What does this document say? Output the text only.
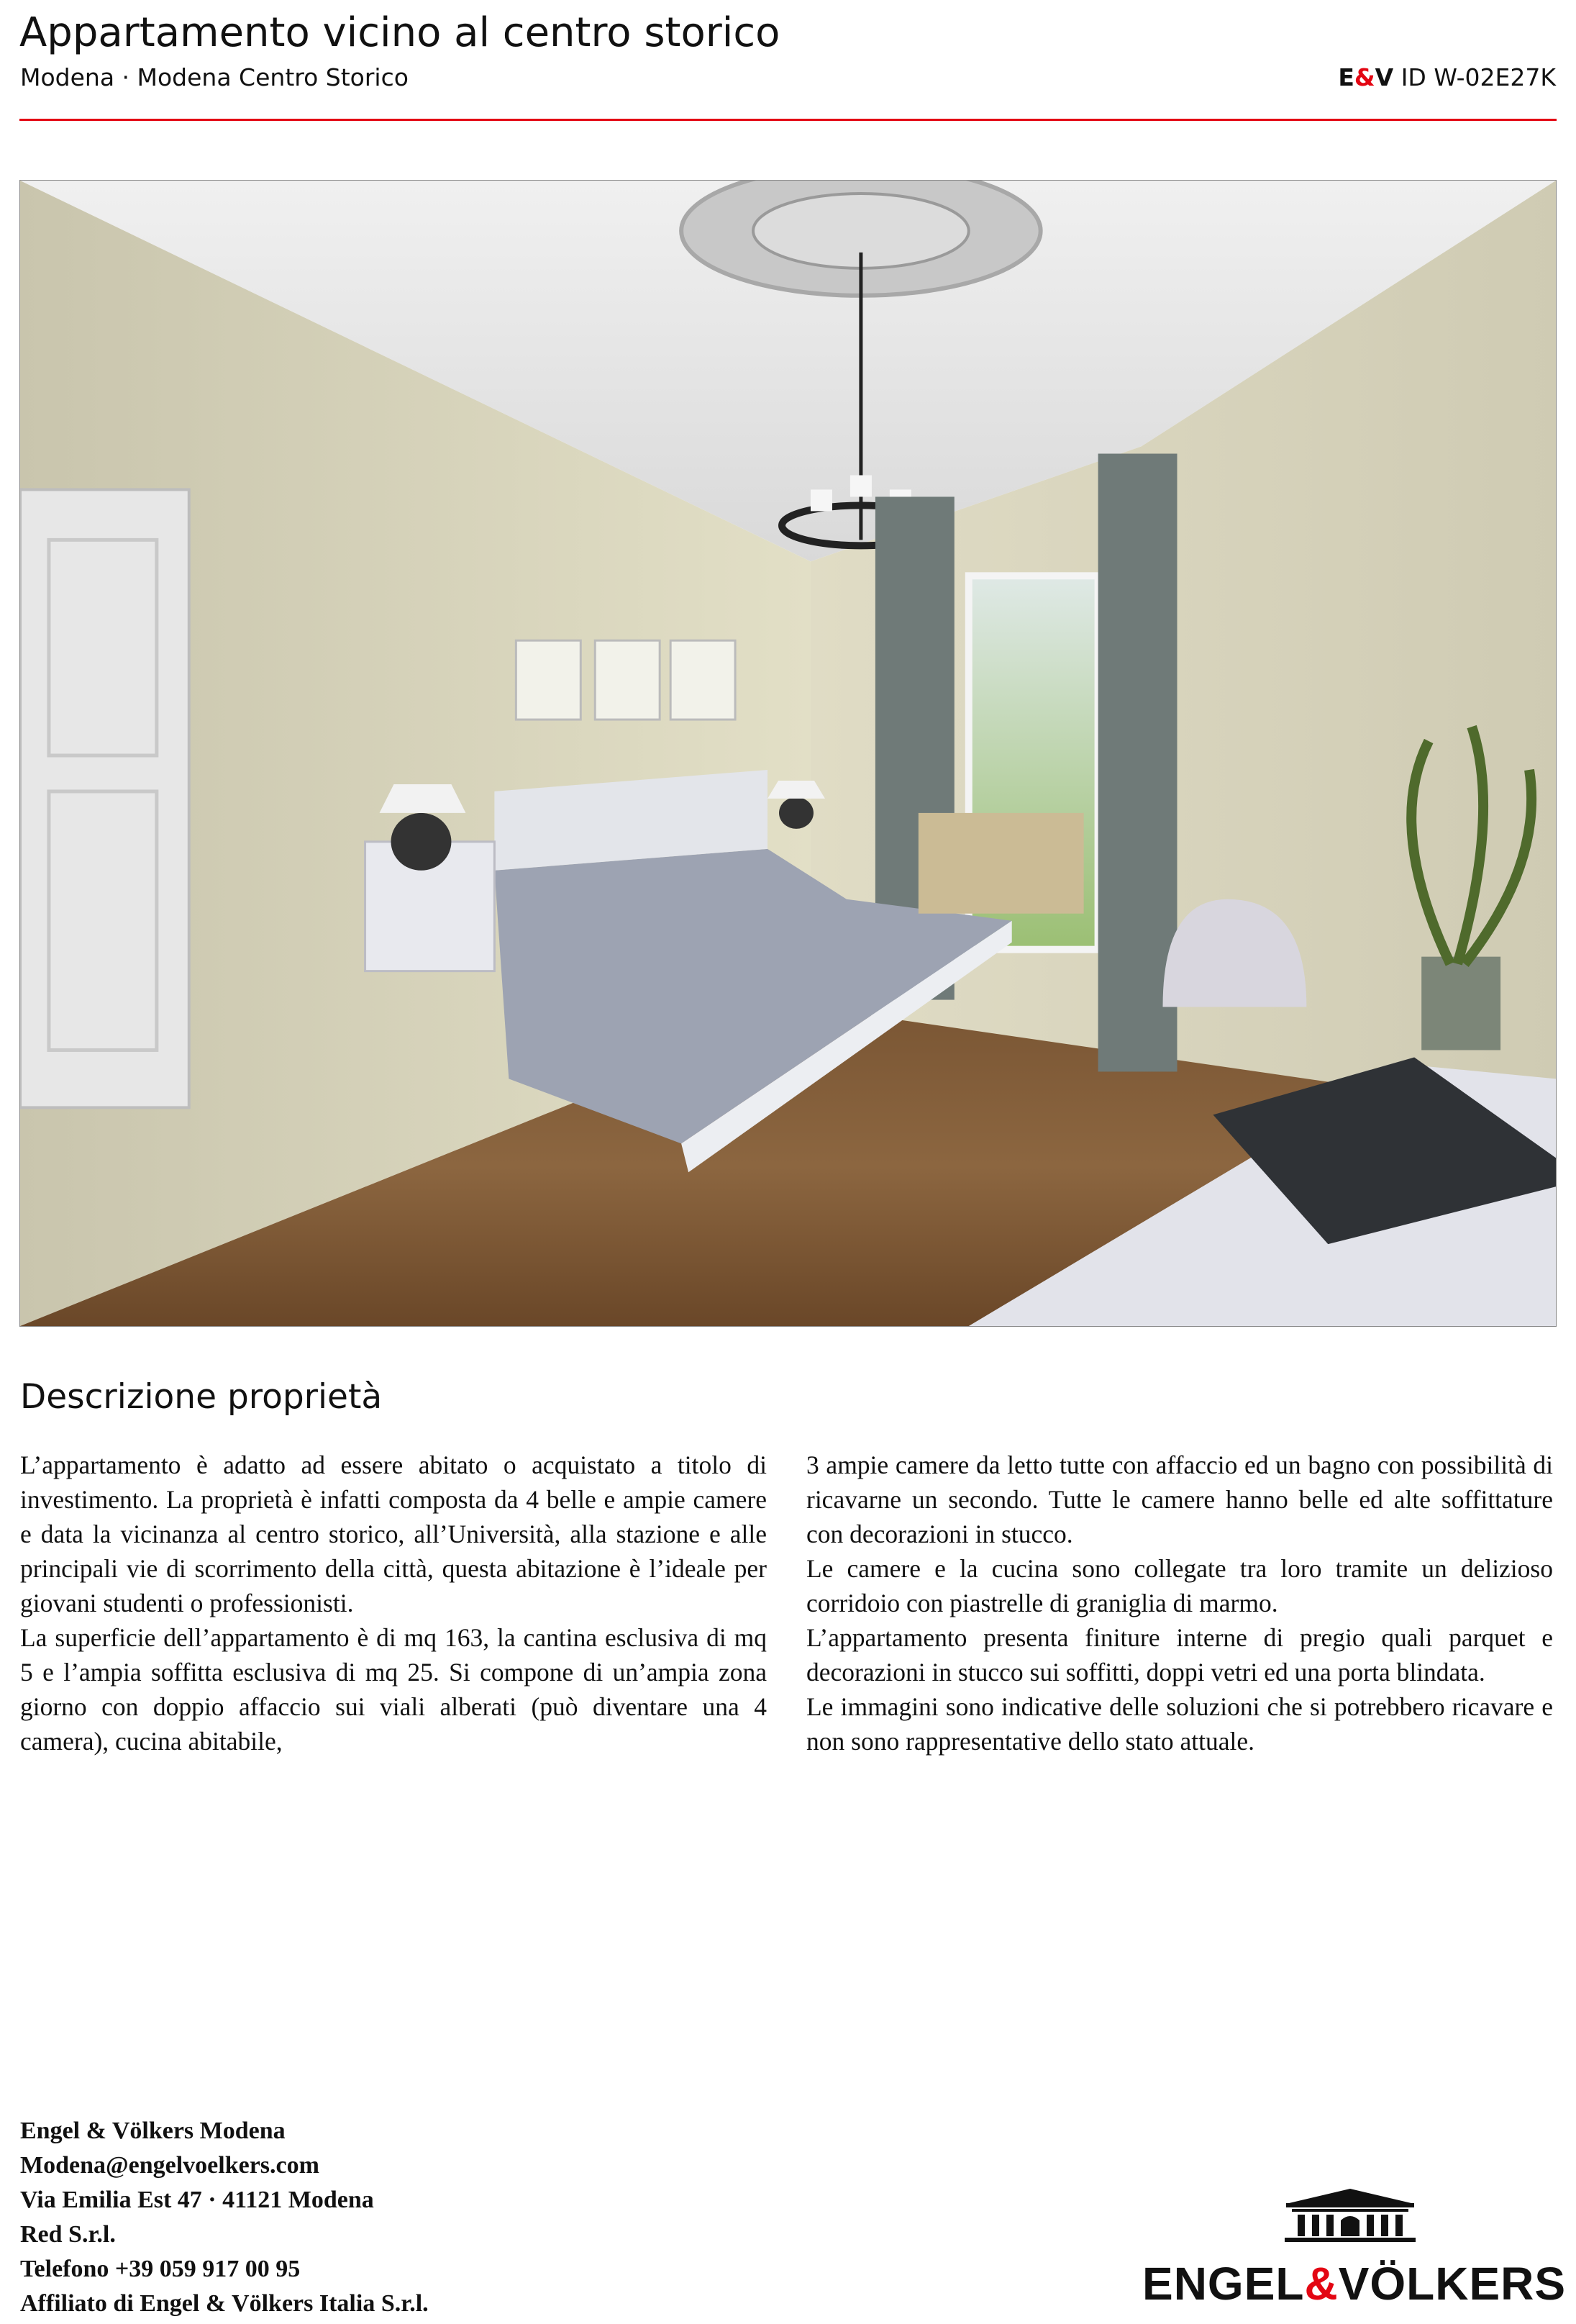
Appartamento vicino al centro storico
Modena · Modena Centro Storico	E&V ID W-02E27K
Descrizione proprietà

L’appartamento è adatto ad essere abitato o acquistato a titolo di investimento. La proprietà è infatti composta da 4 belle e ampie camere e data la vicinanza al centro storico, all’Università, alla stazione e alle principali vie di scorrimento della città, questa abitazione è l’ideale per giovani studenti o professionisti.

La superficie dell’appartamento è di mq 163, la cantina esclusiva di mq 5 e l’ampia soffitta esclusiva di mq 25. Si compone di un’ampia zona giorno con doppio affaccio sui viali alberati (può diventare una 4 camera), cucina abitabile,

3 ampie camere da letto tutte con affaccio ed un bagno con possibilità di ricavarne un secondo. Tutte le camere hanno belle ed alte soffittature con decorazioni in stucco.

Le camere e la cucina sono collegate tra loro tramite un delizioso corridoio con piastrelle di graniglia di marmo.

L’appartamento presenta finiture interne di pregio quali parquet e decorazioni in stucco sui soffitti, doppi vetri ed una porta blindata.

Le immagini sono indicative delle soluzioni che si potrebbero ricavare e non sono rappresentative dello stato attuale.

Engel & Völkers Modena
Modena@engelvoelkers.com
Via Emilia Est 47 · 41121 Modena
Red S.r.l.
Telefono +39 059 917 00 95
Affiliato di Engel & Völkers Italia S.r.l.	ENGEL&VÖLKERS
